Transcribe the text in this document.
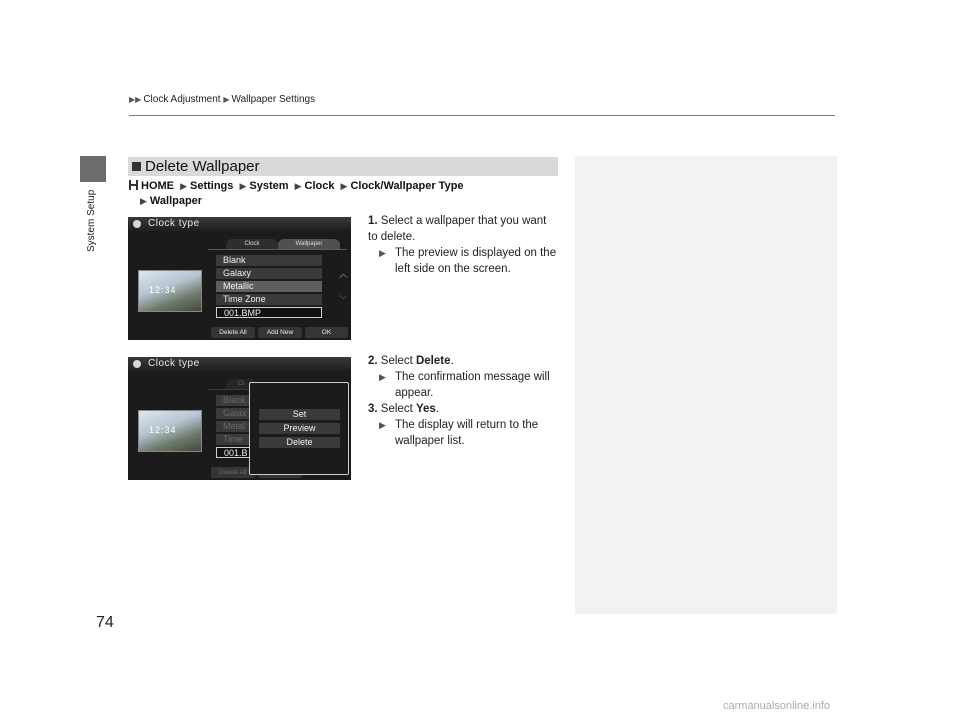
▶▶ Clock Adjustment ▶ Wallpaper Settings
System Setup
Delete Wallpaper
HOME ▶ Settings ▶ System ▶ Clock ▶ Clock/Wallpaper Type
▶ Wallpaper
Clock type
Clock	Wallpaper
12:34
Blank
Galaxy
Metallic
Time Zone
001.BMP
︿
﹀
Delete All	Add New	OK
1. Select a wallpaper that you want to delete.
▶ The preview is displayed on the left side on the screen.
Clock type
Cl
12:34
Blank
Galax
Metal
Time
001.B
Delete All
Set
Preview
Delete
2. Select Delete.
▶ The confirmation message will appear.
3. Select Yes.
▶ The display will return to the wallpaper list.
74
carmanualsonline.info
